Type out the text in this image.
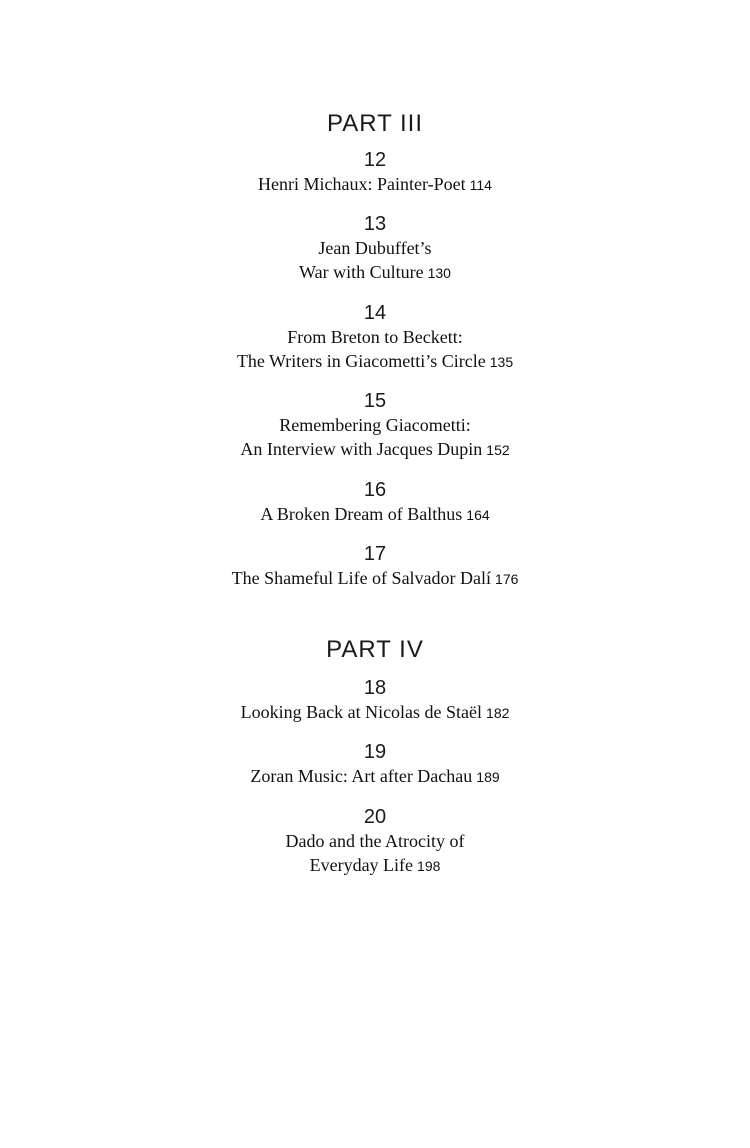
PART III
12
Henri Michaux: Painter-Poet 114
13
Jean Dubuffet’s
War with Culture 130
14
From Breton to Beckett:
The Writers in Giacometti’s Circle 135
15
Remembering Giacometti:
An Interview with Jacques Dupin 152
16
A Broken Dream of Balthus 164
17
The Shameful Life of Salvador Dalí 176
PART IV
18
Looking Back at Nicolas de Staël 182
19
Zoran Music: Art after Dachau 189
20
Dado and the Atrocity of
Everyday Life 198
